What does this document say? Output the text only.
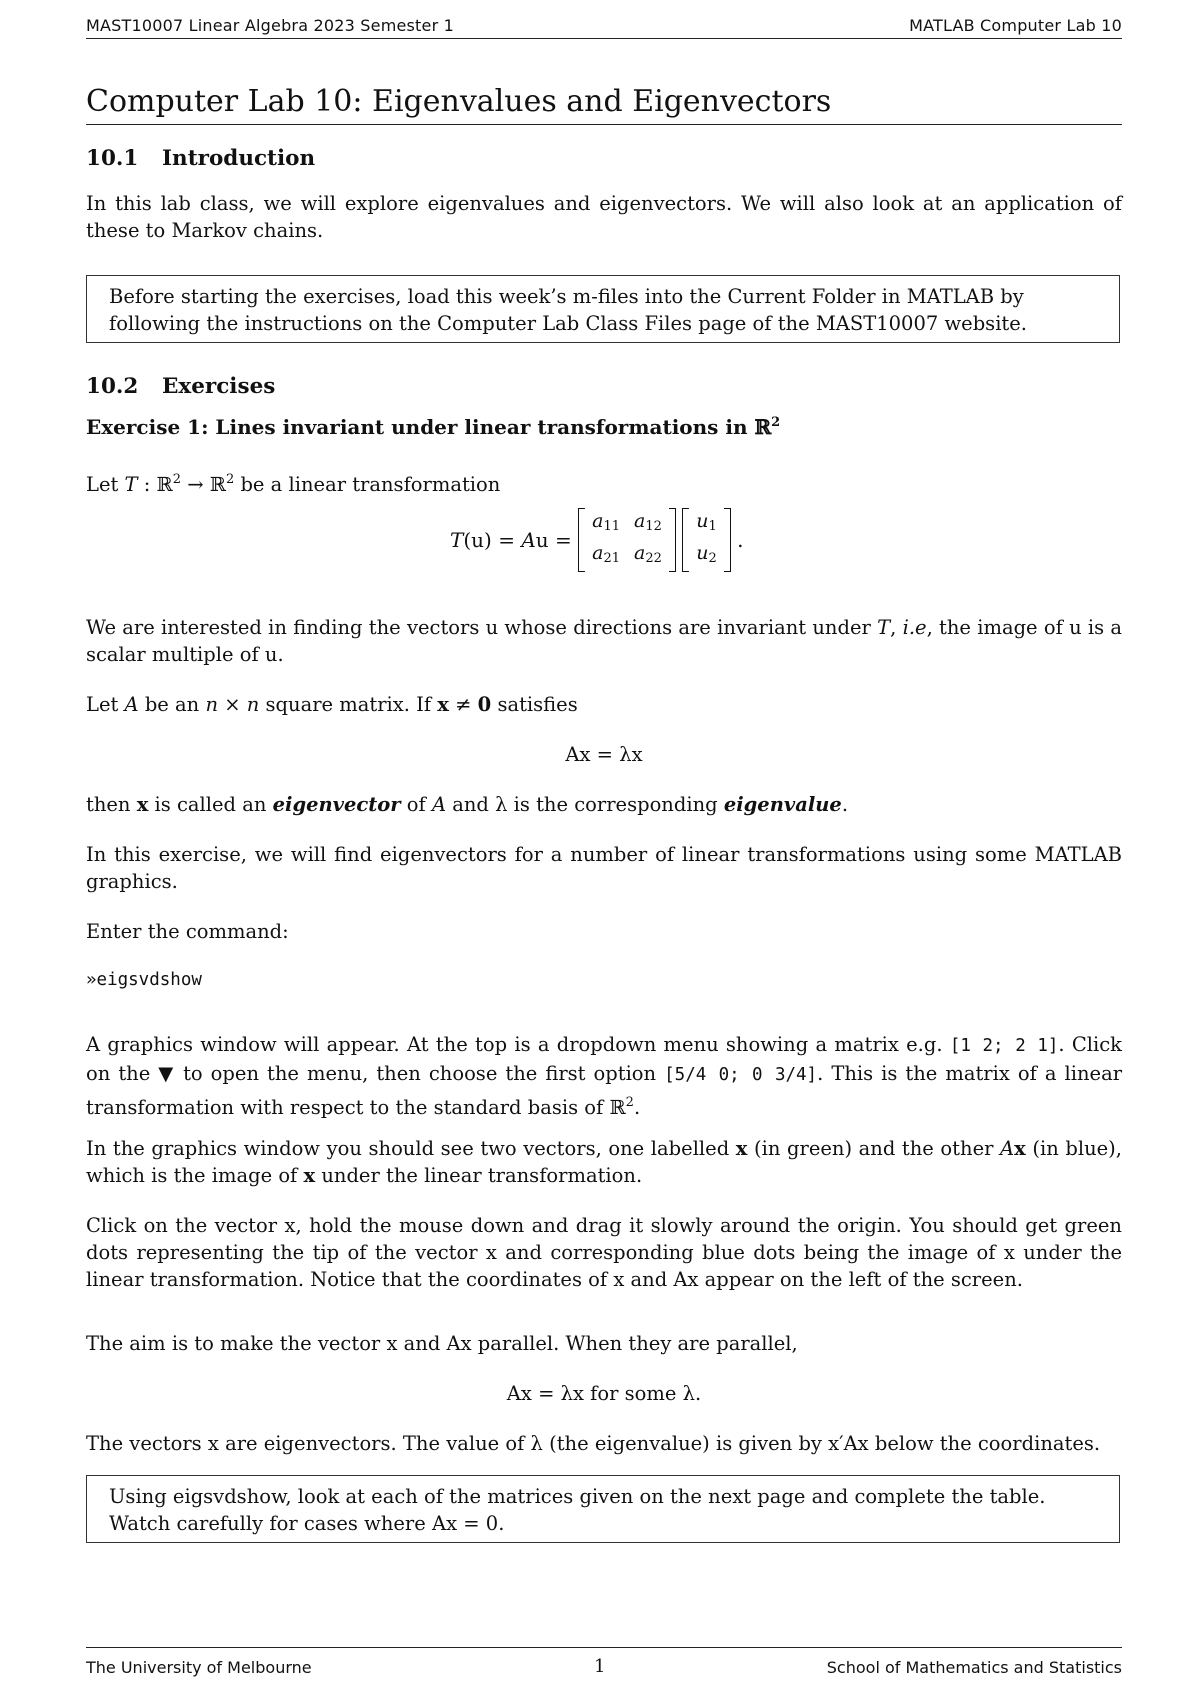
MAST10007 Linear Algebra 2023 Semester 1	MATLAB Computer Lab 10
Computer Lab 10: Eigenvalues and Eigenvectors
10.1 Introduction

In this lab class, we will explore eigenvalues and eigenvectors. We will also look at an application of these to Markov chains.

Before starting the exercises, load this week’s m-files into the Current Folder in MATLAB by following the instructions on the Computer Lab Class Files page of the MAST10007 website.
10.2 Exercises
Exercise 1: Lines invariant under linear transformations in ℝ$^2$

Let T : ℝ$^2$ → ℝ$^2$ be a linear transformation

T(u) = Au =
$a_{11}$	$a_{12}$
$a_{21}$	$a_{22}$

$u_1$
$u_2$
.

We are interested in finding the vectors u whose directions are invariant under T, i.e, the image of u is a scalar multiple of u.

Let A be an n × n square matrix. If x ≠ 0 satisfies

Ax = λx

then x is called an eigenvector of A and λ is the corresponding eigenvalue.

In this exercise, we will find eigenvectors for a number of linear transformations using some MATLAB graphics.

Enter the command:

»eigsvdshow

A graphics window will appear. At the top is a dropdown menu showing a matrix e.g. [1 2; 2 1]. Click on the ▼ to open the menu, then choose the first option [5/4 0; 0 3/4]. This is the matrix of a linear transformation with respect to the standard basis of ℝ$^2$.

In the graphics window you should see two vectors, one labelled x (in green) and the other Ax (in blue), which is the image of x under the linear transformation.

Click on the vector x, hold the mouse down and drag it slowly around the origin. You should get green dots representing the tip of the vector x and corresponding blue dots being the image of x under the linear transformation. Notice that the coordinates of x and Ax appear on the left of the screen.

The aim is to make the vector x and Ax parallel. When they are parallel,

Ax = λx for some λ.

The vectors x are eigenvectors. The value of λ (the eigenvalue) is given by x′Ax below the coordinates.

Using eigsvdshow, look at each of the matrices given on the next page and complete the table. Watch carefully for cases where Ax = 0.
The University of Melbourne	1	School of Mathematics and Statistics
